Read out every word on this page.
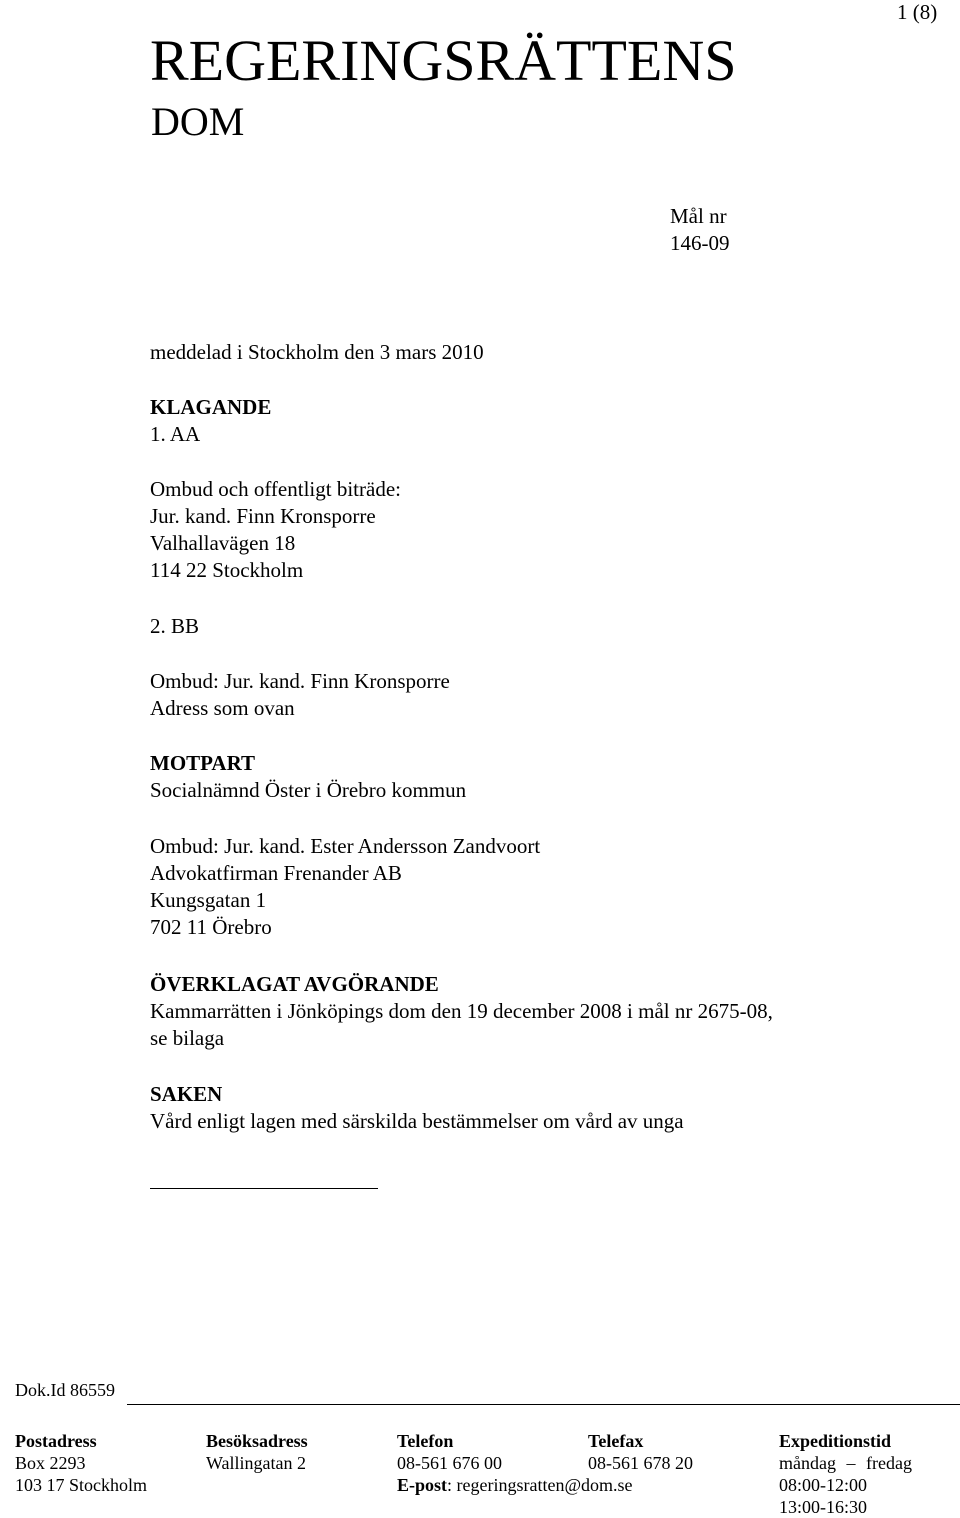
1 (8)
REGERINGSRÄTTENS
DOM
Mål nr
146-09
meddelad i Stockholm den 3 mars 2010
KLAGANDE
1. AA
Ombud och offentligt biträde:
Jur. kand. Finn Kronsporre
Valhallavägen 18
114 22 Stockholm
2. BB
Ombud: Jur. kand. Finn Kronsporre
Adress som ovan
MOTPART
Socialnämnd Öster i Örebro kommun
Ombud: Jur. kand. Ester Andersson Zandvoort
Advokatfirman Frenander AB
Kungsgatan 1
702 11 Örebro
ÖVERKLAGAT AVGÖRANDE
Kammarrätten i Jönköpings dom den 19 december 2008 i mål nr 2675-08,
se bilaga
SAKEN
Vård enligt lagen med särskilda bestämmelser om vård av unga
Dok.Id 86559
Postadress
Box 2293
103 17 Stockholm
Besöksadress
Wallingatan 2
Telefon
08-561 676 00
E-post: regeringsratten@dom.se
Telefax
08-561 678 20
Expeditionstid
måndag – fredag
08:00-12:00
13:00-16:30
